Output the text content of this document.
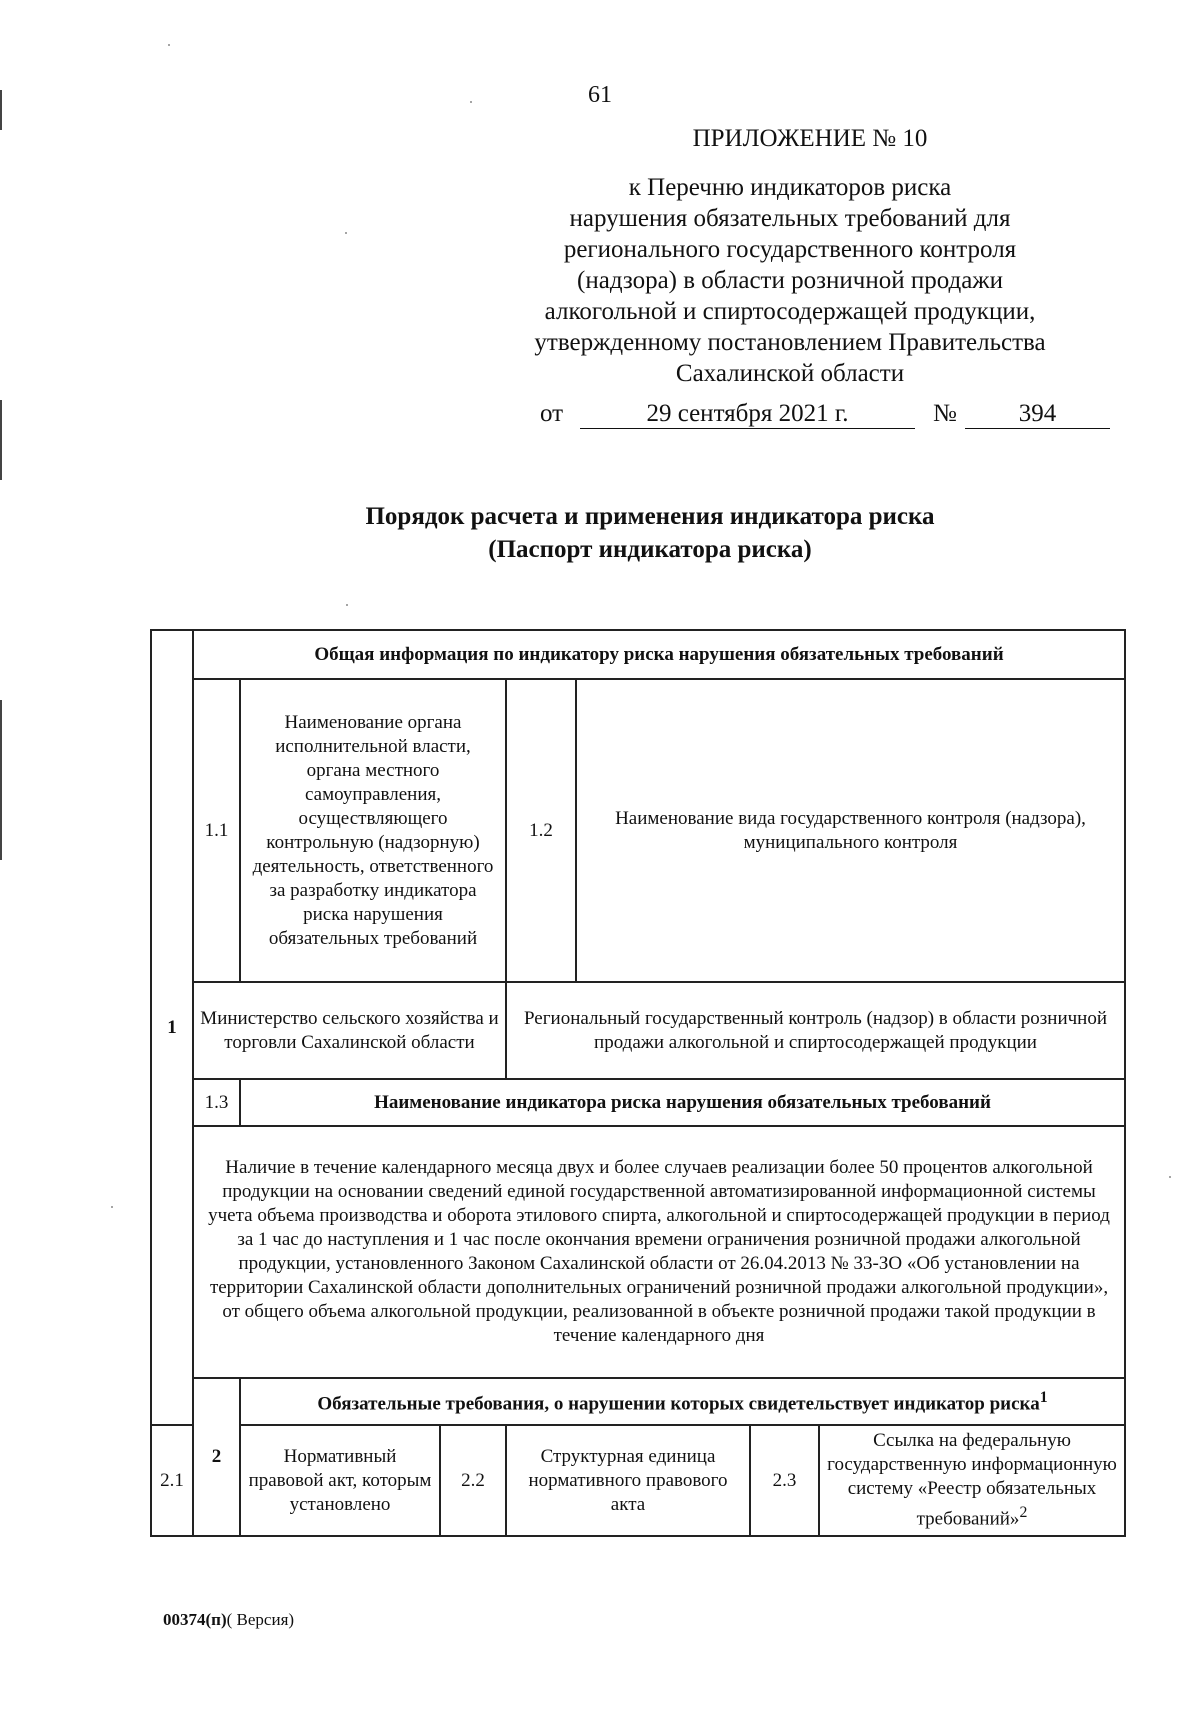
61
ПРИЛОЖЕНИЕ № 10
к Перечню индикаторов риска
нарушения обязательных требований для
регионального государственного контроля
(надзора) в области розничной продажи
алкогольной и спиртосодержащей продукции,
утвержденному постановлением Правительства
Сахалинской области
от	29 сентября 2021 г.	№	394
Порядок расчета и применения индикатора риска
(Паспорт индикатора риска)
1	Общая информация по индикатору риска нарушения обязательных требований						
	1.1	Наименование органа исполнительной власти, органа местного самоуправления, осуществляющего контрольную (надзорную) деятельность, ответственного за разработку индикатора риска нарушения обязательных требований		1.2	Наименование вида государственного контроля (надзора), муниципального контроля		
	Министерство сельского хозяйства и торговли Сахалинской области			Региональный государственный контроль (надзор) в области розничной продажи алкогольной и спиртосодержащей продукции			
	1.3	Наименование индикатора риска нарушения обязательных требований					
	Наличие в течение календарного месяца двух и более случаев реализации более 50 процентов алкогольной продукции на основании сведений единой государственной автоматизированной информационной системы учета объема производства и оборота этилового спирта, алкогольной и спиртосодержащей продукции в период за 1 час до наступления и 1 час после окончания времени ограничения розничной продажи алкогольной продукции, установленного Законом Сахалинской области от 26.04.2013 № 33-ЗО «Об установлении на территории Сахалинской области дополнительных ограничений розничной продажи алкогольной продукции», от общего объема алкогольной продукции, реализованной в объекте розничной продажи такой продукции в течение календарного дня						
	2	Обязательные требования, о нарушении которых свидетельствует индикатор риска$^1$
2.1		Нормативный правовой акт, которым установлено	2.2	Структурная единица нормативного правового акта		2.3	Ссылка на федеральную государственную информационную систему «Реестр обязательных требований»$^2$
00374(п)( Версия)
